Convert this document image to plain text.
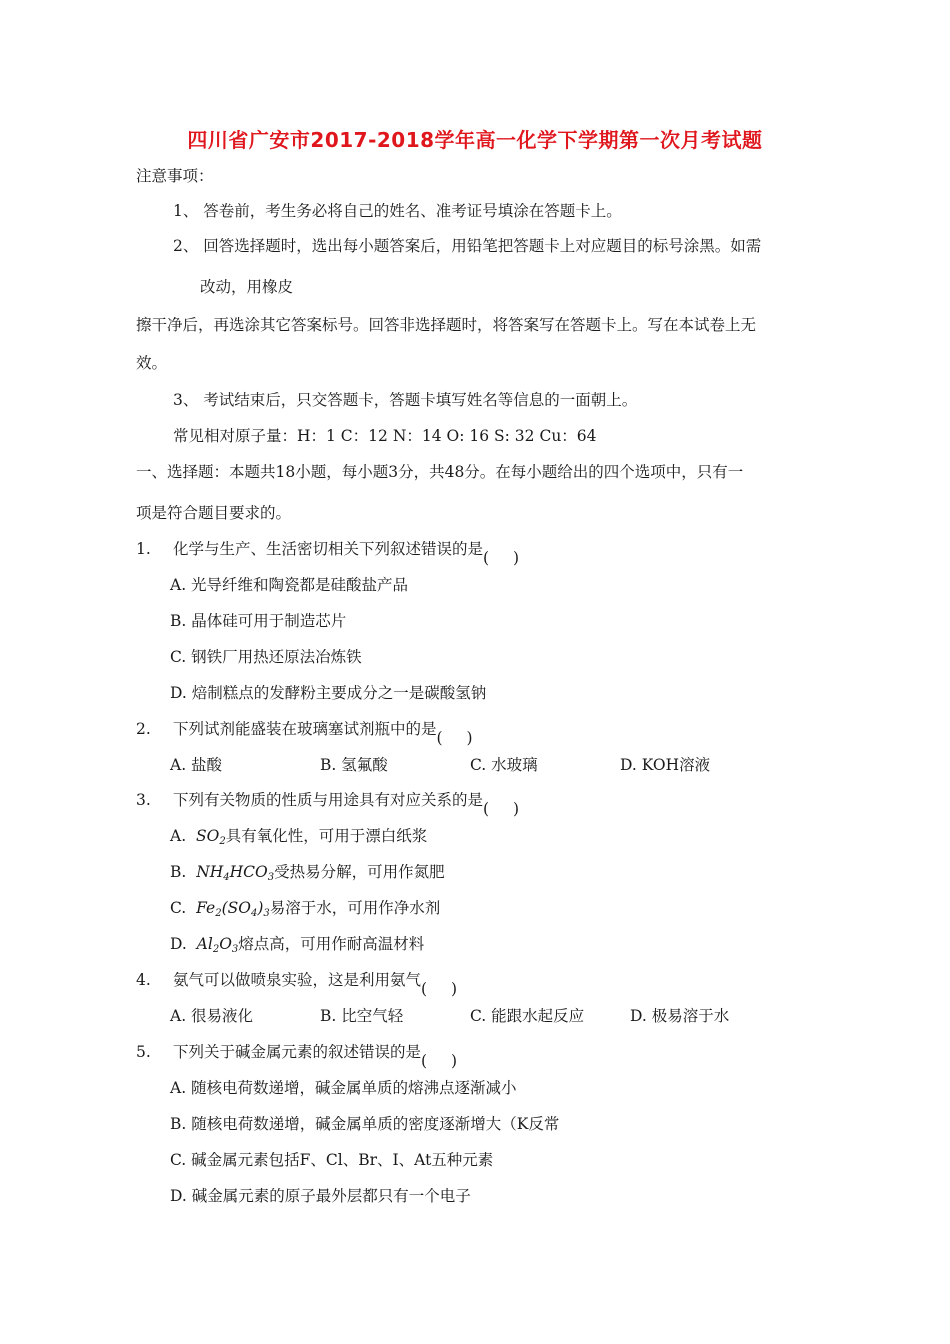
四川省广安市2017-2018学年高一化学下学期第一次月考试题
注意事项：
1、 答卷前，考生务必将自己的姓名、准考证号填涂在答题卡上。
2、 回答选择题时，选出每小题答案后，用铅笔把答题卡上对应题目的标号涂黑。如需
改动，用橡皮
擦干净后，再选涂其它答案标号。回答非选择题时，将答案写在答题卡上。写在本试卷上无
效。
3、 考试结束后，只交答题卡，答题卡填写姓名等信息的一面朝上。
常见相对原子量：H：1 C：12 N：14 O: 16 S: 32 Cu：64
一、选择题：本题共18小题，每小题3分，共48分。在每小题给出的四个选项中，只有一
项是符合题目要求的。
1. 化学与生产、生活密切相关下列叙述错误的是 ( )
A. 光导纤维和陶瓷都是硅酸盐产品
B. 晶体硅可用于制造芯片
C. 钢铁厂用热还原法冶炼铁
D. 焙制糕点的发酵粉主要成分之一是碳酸氢钠
2. 下列试剂能盛装在玻璃塞试剂瓶中的是 ( )
A. 盐酸	B. 氢氟酸	C. 水玻璃	D. KOH溶液
3. 下列有关物质的性质与用途具有对应关系的是 ( )
A. $SO_2$具有氧化性，可用于漂白纸浆
B. $NH_4HCO_3$受热易分解，可用作氮肥
C. $Fe_2(SO_4)_3$易溶于水，可用作净水剂
D. $Al_2O_3$熔点高，可用作耐高温材料
4. 氨气可以做喷泉实验，这是利用氨气 ( )
A. 很易液化	B. 比空气轻	C. 能跟水起反应	D. 极易溶于水
5. 下列关于碱金属元素的叙述错误的是 ( )
A. 随核电荷数递增，碱金属单质的熔沸点逐渐减小
B. 随核电荷数递增，碱金属单质的密度逐渐增大（K反常
C. 碱金属元素包括F、Cl、Br、I、At五种元素
D. 碱金属元素的原子最外层都只有一个电子
